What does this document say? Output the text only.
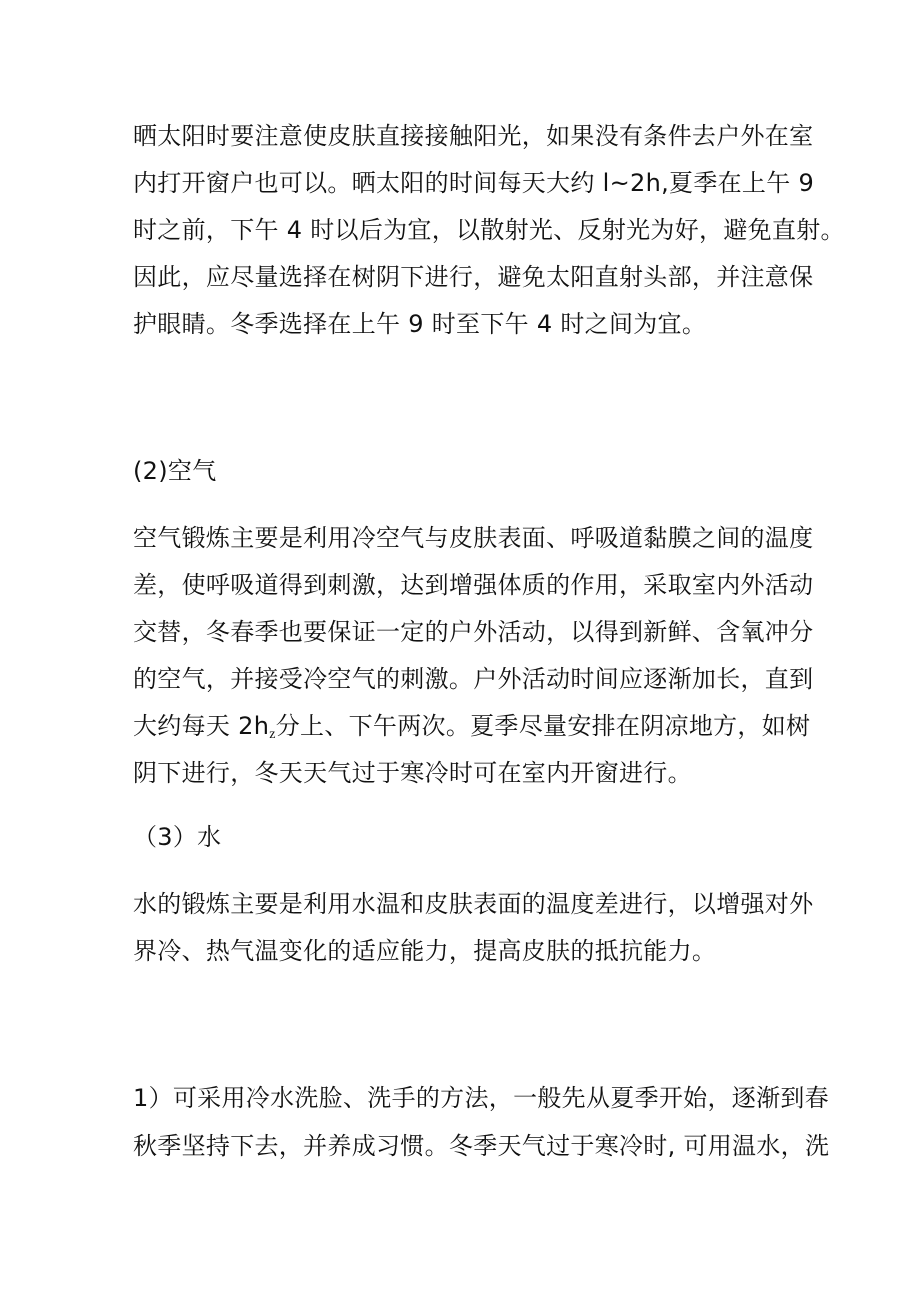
晒太阳时要注意使皮肤直接接触阳光，如果没有条件去户外在室

内打开窗户也可以。晒太阳的时间每天大约 l~2h,夏季在上午 9

时之前，下午 4 时以后为宜，以散射光、反射光为好，避免直射。

因此，应尽量选择在树阴下进行，避免太阳直射头部，并注意保

护眼睛。冬季选择在上午 9 时至下午 4 时之间为宜。

(2)空气

空气锻炼主要是利用冷空气与皮肤表面、呼吸道黏膜之间的温度

差，使呼吸道得到刺激，达到增强体质的作用，采取室内外活动

交替，冬春季也要保证一定的户外活动，以得到新鲜、含氧冲分

的空气，并接受冷空气的刺激。户外活动时间应逐渐加长，直到

大约每天 $2h_z$分上、下午两次。夏季尽量安排在阴凉地方，如树

阴下进行，冬天天气过于寒冷时可在室内开窗进行。

（3）水

水的锻炼主要是利用水温和皮肤表面的温度差进行，以增强对外

界冷、热气温变化的适应能力，提高皮肤的抵抗能力。

1）可采用冷水洗脸、洗手的方法，一般先从夏季开始，逐渐到春

秋季坚持下去，并养成习惯。冬季天气过于寒冷时, 可用温水，洗
